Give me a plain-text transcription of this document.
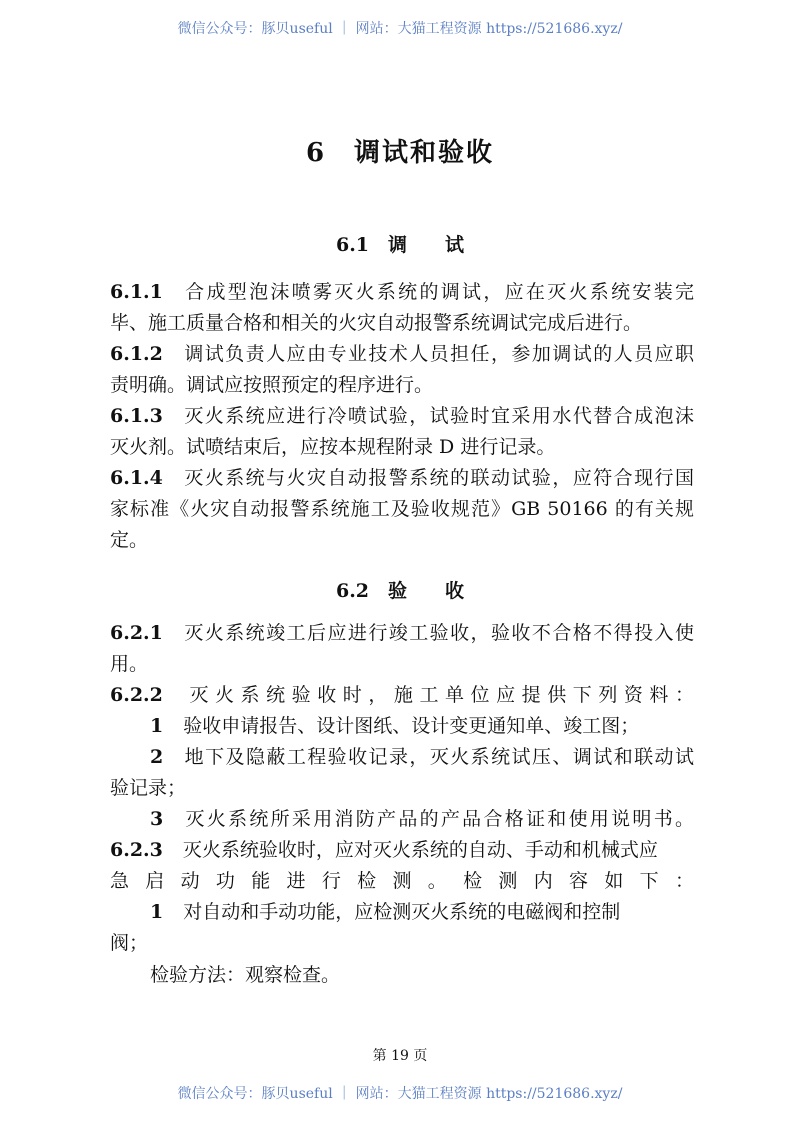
微信公众号：豚贝useful ｜ 网站：大猫工程资源 https://521686.xyz/
6　调试和验收
6.1　调　　试
6.1.1 合成型泡沫喷雾灭火系统的调试，应在灭火系统安装完
毕、施工质量合格和相关的火灾自动报警系统调试完成后进行。
6.1.2 调试负责人应由专业技术人员担任，参加调试的人员应职
责明确。调试应按照预定的程序进行。
6.1.3 灭火系统应进行冷喷试验，试验时宜采用水代替合成泡沫
灭火剂。试喷结束后，应按本规程附录 D 进行记录。
6.1.4 灭火系统与火灾自动报警系统的联动试验，应符合现行国
家标准《火灾自动报警系统施工及验收规范》GB 50166 的有关规
定。
6.2　验　　收
6.2.1 灭火系统竣工后应进行竣工验收，验收不合格不得投入使
用。
6.2.2 灭火系统验收时，施工单位应提供下列资料：
1 验收申请报告、设计图纸、设计变更通知单、竣工图；
2 地下及隐蔽工程验收记录，灭火系统试压、调试和联动试
验记录；
3 灭火系统所采用消防产品的产品合格证和使用说明书。
6.2.3 灭火系统验收时，应对灭火系统的自动、手动和机械式应
急启动功能进行检测。检测内容如下：
1 对自动和手动功能，应检测灭火系统的电磁阀和控制
阀；
检验方法：观察检查。
第 19 页
微信公众号：豚贝useful ｜ 网站：大猫工程资源 https://521686.xyz/
